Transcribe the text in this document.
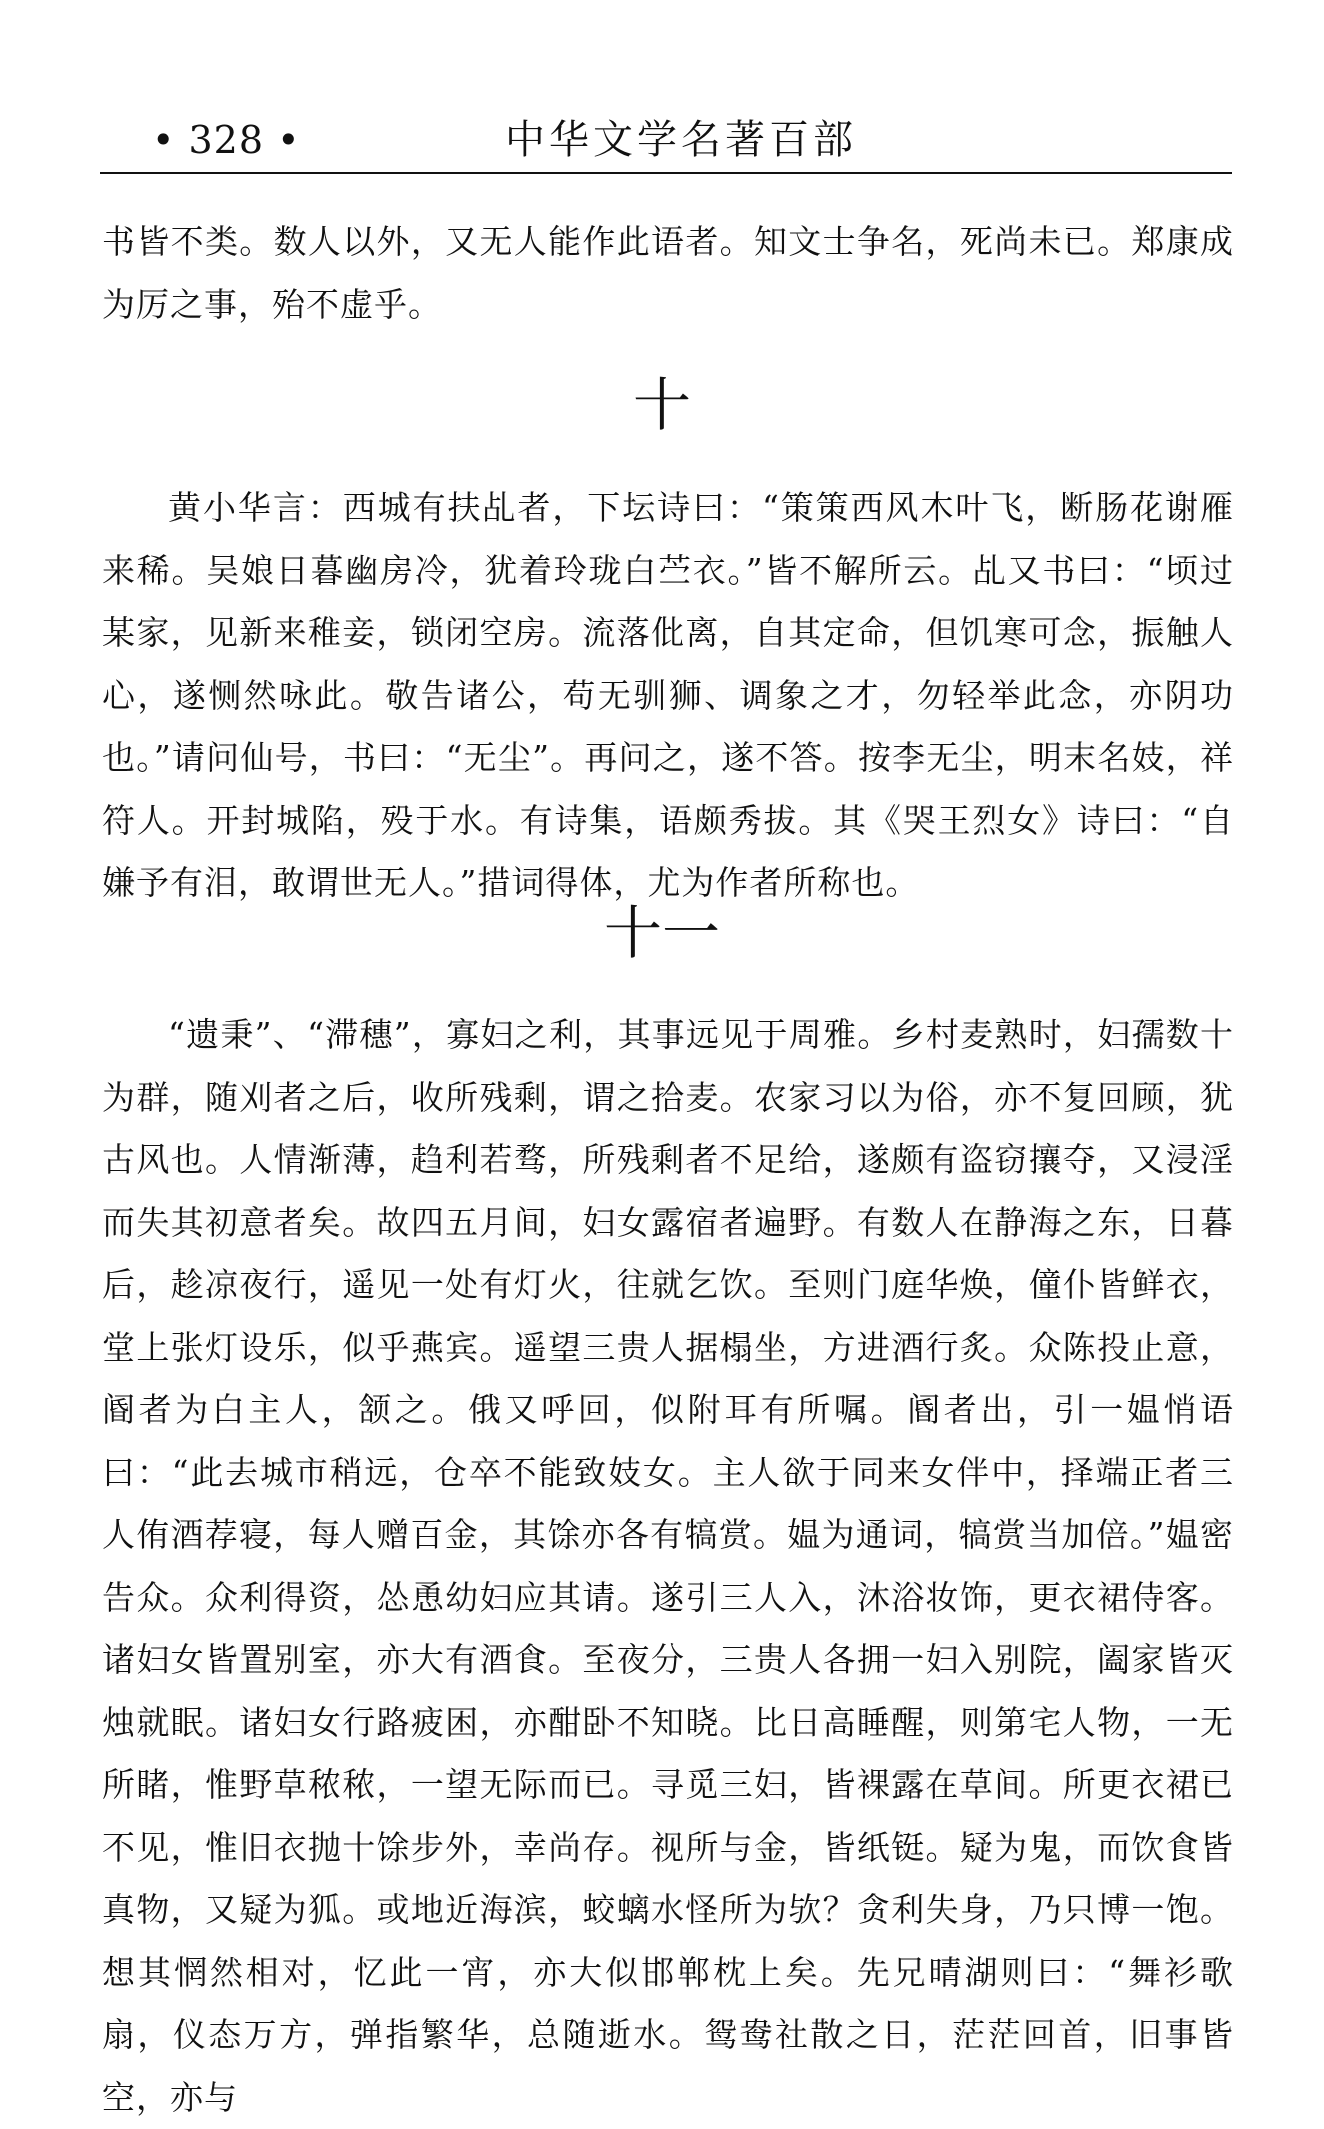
• 328 •	中华文学名著百部

书皆不类。数人以外，又无人能作此语者。知文士争名，死尚未已。郑康成为厉之事，殆不虚乎。

十

黄小华言：西城有扶乩者，下坛诗曰：“策策西风木叶飞，断肠花谢雁来稀。吴娘日暮幽房冷，犹着玲珑白苎衣。”皆不解所云。乩又书曰：“顷过某家，见新来稚妾，锁闭空房。流落仳离，自其定命，但饥寒可念，振触人心，遂恻然咏此。敬告诸公，苟无驯狮、调象之才，勿轻举此念，亦阴功也。”请问仙号，书曰：“无尘”。再问之，遂不答。按李无尘，明末名妓，祥符人。开封城陷，殁于水。有诗集，语颇秀拔。其《哭王烈女》诗曰：“自嫌予有泪，敢谓世无人。”措词得体，尤为作者所称也。

十一

“遗秉”、“滞穗”，寡妇之利，其事远见于周雅。乡村麦熟时，妇孺数十为群，随刈者之后，收所残剩，谓之拾麦。农家习以为俗，亦不复回顾，犹古风也。人情渐薄，趋利若骛，所残剩者不足给，遂颇有盗窃攘夺，又浸淫而失其初意者矣。故四五月间，妇女露宿者遍野。有数人在静海之东，日暮后，趁凉夜行，遥见一处有灯火，往就乞饮。至则门庭华焕，僮仆皆鲜衣，堂上张灯设乐，似乎燕宾。遥望三贵人据榻坐，方进酒行炙。众陈投止意，阍者为白主人，颔之。俄又呼回，似附耳有所嘱。阍者出，引一媪悄语曰：“此去城市稍远，仓卒不能致妓女。主人欲于同来女伴中，择端正者三人侑酒荐寝，每人赠百金，其馀亦各有犒赏。媪为通词，犒赏当加倍。”媪密告众。众利得资，怂恿幼妇应其请。遂引三人入，沐浴妆饰，更衣裙侍客。诸妇女皆置别室，亦大有酒食。至夜分，三贵人各拥一妇入别院，阖家皆灭烛就眠。诸妇女行路疲困，亦酣卧不知晓。比日高睡醒，则第宅人物，一无所睹，惟野草秾秾，一望无际而已。寻觅三妇，皆裸露在草间。所更衣裙已不见，惟旧衣抛十馀步外，幸尚存。视所与金，皆纸铤。疑为鬼，而饮食皆真物，又疑为狐。或地近海滨，蛟螭水怪所为欤？贪利失身，乃只博一饱。想其惘然相对，忆此一宵，亦大似邯郸枕上矣。先兄晴湖则曰：“舞衫歌扇，仪态万方，弹指繁华，总随逝水。鸳鸯社散之日，茫茫回首，旧事皆空，亦与
